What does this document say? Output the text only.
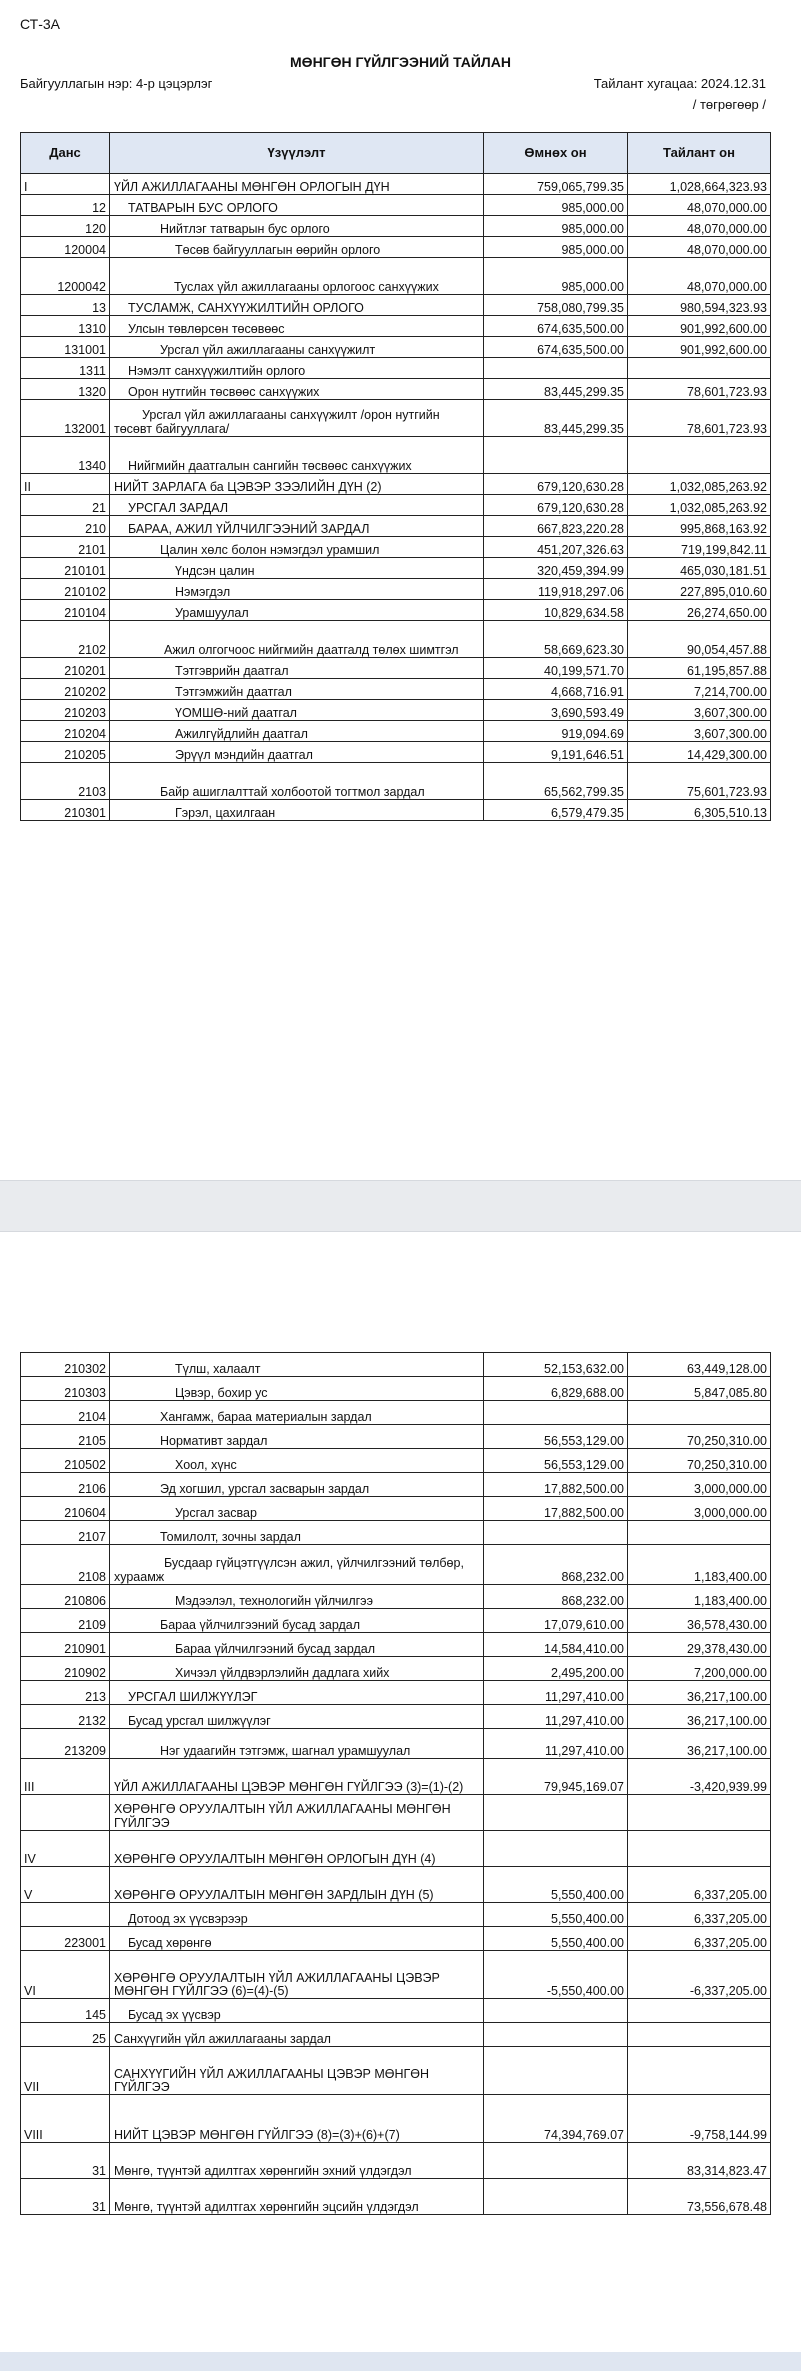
СТ-3А
МӨНГӨН ГҮЙЛГЭЭНИЙ ТАЙЛАН
Байгууллагын нэр: 4-р цэцэрлэг	Тайлант хугацаа: 2024.12.31
/ төгрөгөөр /
Данс	Үзүүлэлт	Өмнөх он	Тайлант он
I	ҮЙЛ АЖИЛЛАГААНЫ МӨНГӨН ОРЛОГЫН ДҮН	759,065,799.35	1,028,664,323.93
12	ТАТВАРЫН БУС ОРЛОГО	985,000.00	48,070,000.00
120	Нийтлэг татварын бус орлого	985,000.00	48,070,000.00
120004	Төсөв байгууллагын өөрийн орлого	985,000.00	48,070,000.00
1200042	Туслах үйл ажиллагааны орлогоос санхүүжих	985,000.00	48,070,000.00
13	ТУСЛАМЖ, САНХҮҮЖИЛТИЙН ОРЛОГО	758,080,799.35	980,594,323.93
1310	Улсын төвлөрсөн төсөвөөс	674,635,500.00	901,992,600.00
131001	Урсгал үйл ажиллагааны санхүүжилт	674,635,500.00	901,992,600.00
1311	Нэмэлт санхүүжилтийн орлого		
1320	Орон нутгийн төсвөөс санхүүжих	83,445,299.35	78,601,723.93
132001	Урсгал үйл ажиллагааны санхүүжилт /орон нутгийн төсөвт байгууллага/	83,445,299.35	78,601,723.93
1340	Нийгмийн даатгалын сангийн төсвөөс санхүүжих		
II	НИЙТ ЗАРЛАГА ба ЦЭВЭР ЗЭЭЛИЙН ДҮН (2)	679,120,630.28	1,032,085,263.92
21	УРСГАЛ ЗАРДАЛ	679,120,630.28	1,032,085,263.92
210	БАРАА, АЖИЛ ҮЙЛЧИЛГЭЭНИЙ ЗАРДАЛ	667,823,220.28	995,868,163.92
2101	Цалин хөлс болон нэмэгдэл урамшил	451,207,326.63	719,199,842.11
210101	Үндсэн цалин	320,459,394.99	465,030,181.51
210102	Нэмэгдэл	119,918,297.06	227,895,010.60
210104	Урамшуулал	10,829,634.58	26,274,650.00
2102	Ажил олгогчоос нийгмийн даатгалд төлөх шимтгэл	58,669,623.30	90,054,457.88
210201	Тэтгэврийн даатгал	40,199,571.70	61,195,857.88
210202	Тэтгэмжийн даатгал	4,668,716.91	7,214,700.00
210203	ҮОМШӨ-ний даатгал	3,690,593.49	3,607,300.00
210204	Ажилгүйдлийн даатгал	919,094.69	3,607,300.00
210205	Эрүүл мэндийн даатгал	9,191,646.51	14,429,300.00
2103	Байр ашиглалттай холбоотой тогтмол зардал	65,562,799.35	75,601,723.93
210301	Гэрэл, цахилгаан	6,579,479.35	6,305,510.13
210302	Түлш, халаалт	52,153,632.00	63,449,128.00
210303	Цэвэр, бохир ус	6,829,688.00	5,847,085.80
2104	Хангамж, бараа материалын зардал		
2105	Нормативт зардал	56,553,129.00	70,250,310.00
210502	Хоол, хүнс	56,553,129.00	70,250,310.00
2106	Эд хогшил, урсгал засварын зардал	17,882,500.00	3,000,000.00
210604	Урсгал засвар	17,882,500.00	3,000,000.00
2107	Томилолт, зочны зардал		
2108	Бусдаар гүйцэтгүүлсэн ажил, үйлчилгээний төлбөр, хураамж	868,232.00	1,183,400.00
210806	Мэдээлэл, технологийн үйлчилгээ	868,232.00	1,183,400.00
2109	Бараа үйлчилгээний бусад зардал	17,079,610.00	36,578,430.00
210901	Бараа үйлчилгээний бусад зардал	14,584,410.00	29,378,430.00
210902	Хичээл үйлдвэрлэлийн дадлага хийх	2,495,200.00	7,200,000.00
213	УРСГАЛ ШИЛЖҮҮЛЭГ	11,297,410.00	36,217,100.00
2132	Бусад урсгал шилжүүлэг	11,297,410.00	36,217,100.00
213209	Нэг удаагийн тэтгэмж, шагнал урамшуулал	11,297,410.00	36,217,100.00
III	ҮЙЛ АЖИЛЛАГААНЫ ЦЭВЭР МӨНГӨН ГҮЙЛГЭЭ (3)=(1)-(2)	79,945,169.07	-3,420,939.99
	ХӨРӨНГӨ ОРУУЛАЛТЫН ҮЙЛ АЖИЛЛАГААНЫ МӨНГӨН ГҮЙЛГЭЭ		
IV	ХӨРӨНГӨ ОРУУЛАЛТЫН МӨНГӨН ОРЛОГЫН ДҮН (4)		
V	ХӨРӨНГӨ ОРУУЛАЛТЫН МӨНГӨН ЗАРДЛЫН ДҮН (5)	5,550,400.00	6,337,205.00
	Дотоод эх үүсвэрээр	5,550,400.00	6,337,205.00
223001	Бусад хөрөнгө	5,550,400.00	6,337,205.00
VI	ХӨРӨНГӨ ОРУУЛАЛТЫН ҮЙЛ АЖИЛЛАГААНЫ ЦЭВЭР МӨНГӨН ГҮЙЛГЭЭ (6)=(4)-(5)	-5,550,400.00	-6,337,205.00
145	Бусад эх үүсвэр		
25	Санхүүгийн үйл ажиллагааны зардал		
VII	САНХҮҮГИЙН ҮЙЛ АЖИЛЛАГААНЫ ЦЭВЭР МӨНГӨН ГҮЙЛГЭЭ		
VIII	НИЙТ ЦЭВЭР МӨНГӨН ГҮЙЛГЭЭ (8)=(3)+(6)+(7)	74,394,769.07	-9,758,144.99
31	Мөнгө, түүнтэй адилтгах хөрөнгийн эхний үлдэгдэл		83,314,823.47
31	Мөнгө, түүнтэй адилтгах хөрөнгийн эцсийн үлдэгдэл		73,556,678.48
